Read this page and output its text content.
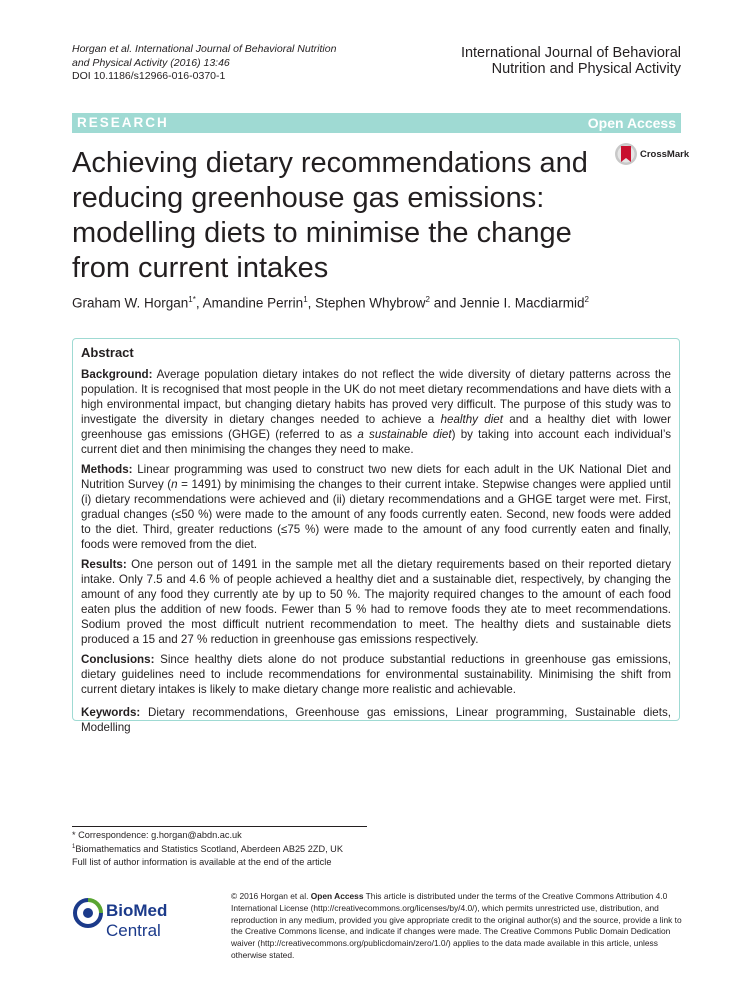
Horgan et al. International Journal of Behavioral Nutrition
and Physical Activity (2016) 13:46
DOI 10.1186/s12966-016-0370-1
International Journal of Behavioral
Nutrition and Physical Activity
RESEARCH	Open Access
Achieving dietary recommendations and reducing greenhouse gas emissions: modelling diets to minimise the change from current intakes
CrossMark
Graham W. Horgan$^{1*}$, Amandine Perrin$^1$, Stephen Whybrow$^2$ and Jennie I. Macdiarmid$^2$
Abstract

Background: Average population dietary intakes do not reflect the wide diversity of dietary patterns across the population. It is recognised that most people in the UK do not meet dietary recommendations and have diets with a high environmental impact, but changing dietary habits has proved very difficult. The purpose of this study was to investigate the diversity in dietary changes needed to achieve a healthy diet and a healthy diet with lower greenhouse gas emissions (GHGE) (referred to as a sustainable diet) by taking into account each individual’s current diet and then minimising the changes they need to make.

Methods: Linear programming was used to construct two new diets for each adult in the UK National Diet and Nutrition Survey (n = 1491) by minimising the changes to their current intake. Stepwise changes were applied until (i) dietary recommendations were achieved and (ii) dietary recommendations and a GHGE target were met. First, gradual changes (≤50 %) were made to the amount of any foods currently eaten. Second, new foods were added to the diet. Third, greater reductions (≤75 %) were made to the amount of any food currently eaten and finally, foods were removed from the diet.

Results: One person out of 1491 in the sample met all the dietary requirements based on their reported dietary intake. Only 7.5 and 4.6 % of people achieved a healthy diet and a sustainable diet, respectively, by changing the amount of any food they currently ate by up to 50 %. The majority required changes to the amount of each food eaten plus the addition of new foods. Fewer than 5 % had to remove foods they ate to meet recommendations. Sodium proved the most difficult nutrient recommendation to meet. The healthy diets and sustainable diets produced a 15 and 27 % reduction in greenhouse gas emissions respectively.

Conclusions: Since healthy diets alone do not produce substantial reductions in greenhouse gas emissions, dietary guidelines need to include recommendations for environmental sustainability. Minimising the shift from current dietary intakes is likely to make dietary change more realistic and achievable.

Keywords: Dietary recommendations, Greenhouse gas emissions, Linear programming, Sustainable diets, Modelling

* Correspondence: g.horgan@abdn.ac.uk
$^1$Biomathematics and Statistics Scotland, Aberdeen AB25 2ZD, UK
Full list of author information is available at the end of the article
BioMed Central
© 2016 Horgan et al. Open Access This article is distributed under the terms of the Creative Commons Attribution 4.0 International License (http://creativecommons.org/licenses/by/4.0/), which permits unrestricted use, distribution, and reproduction in any medium, provided you give appropriate credit to the original author(s) and the source, provide a link to the Creative Commons license, and indicate if changes were made. The Creative Commons Public Domain Dedication waiver (http://creativecommons.org/publicdomain/zero/1.0/) applies to the data made available in this article, unless otherwise stated.
